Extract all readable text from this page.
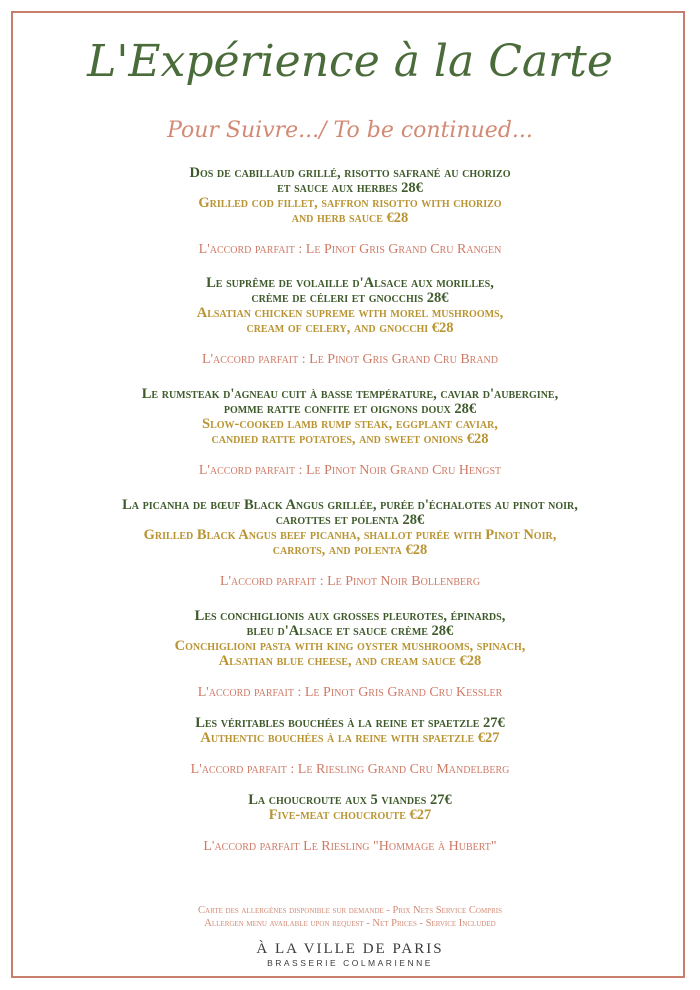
L'Expérience à la Carte
Pour Suivre.../ To be continued...
Dos de cabillaud grillé, risotto safrané au chorizo
et sauce aux herbes 28€
Grilled cod fillet, saffron risotto with chorizo
and herb sauce €28
L'accord parfait : Le Pinot Gris Grand Cru Rangen
Le suprême de volaille d'Alsace aux morilles,
crème de céleri et gnocchis 28€
Alsatian chicken supreme with morel mushrooms,
cream of celery, and gnocchi €28
L'accord parfait : Le Pinot Gris Grand Cru Brand
Le rumsteak d'agneau cuit à basse température, caviar d'aubergine,
pomme ratte confite et oignons doux 28€
Slow-cooked lamb rump steak, eggplant caviar,
candied ratte potatoes, and sweet onions €28
L'accord parfait : Le Pinot Noir Grand Cru Hengst
La picanha de bœuf Black Angus grillée, purée d'échalotes au pinot noir,
carottes et polenta 28€
Grilled Black Angus beef picanha, shallot purée with Pinot Noir,
carrots, and polenta €28
L'accord parfait : Le Pinot Noir Bollenberg
Les conchiglionis aux grosses pleurotes, épinards,
bleu d'Alsace et sauce crème 28€
Conchiglioni pasta with king oyster mushrooms, spinach,
Alsatian blue cheese, and cream sauce €28
L'accord parfait : Le Pinot Gris Grand Cru Kessler
Les véritables bouchées à la reine et spaetzle 27€
Authentic bouchées à la reine with spaetzle €27
L'accord parfait : Le Riesling Grand Cru Mandelberg
La choucroute aux 5 viandes 27€
Five-meat choucroute €27
L'accord parfait Le Riesling "Hommage à Hubert"
Carte des allergènes disponible sur demande - Prix Nets Service Compris
Allergen menu available upon request - Net Prices - Service Included
À LA VILLE DE PARIS
BRASSERIE COLMARIENNE
